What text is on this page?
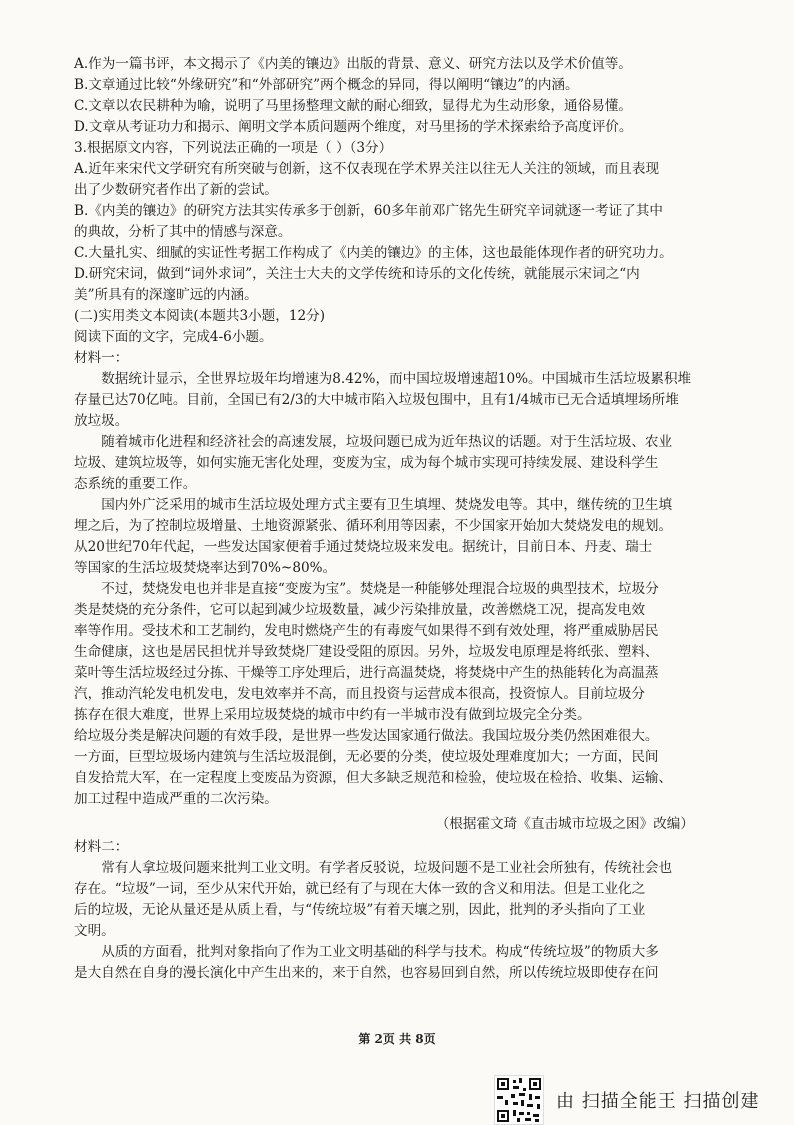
A.作为一篇书评，本文揭示了《内美的镶边》出版的背景、意义、研究方法以及学术价值等。
B.文章通过比较“外缘研究”和“外部研究”两个概念的异同，得以阐明“镶边”的内涵。
C.文章以农民耕种为喻，说明了马里扬整理文献的耐心细致，显得尤为生动形象，通俗易懂。
D.文章从考证功力和揭示、阐明文学本质问题两个维度，对马里扬的学术探索给予高度评价。
3.根据原文内容，下列说法正确的一项是（ ）（3分）
A.近年来宋代文学研究有所突破与创新，这不仅表现在学术界关注以往无人关注的领域，而且表现
出了少数研究者作出了新的尝试。
B.《内美的镶边》的研究方法其实传承多于创新，60多年前邓广铭先生研究辛词就逐一考证了其中
的典故，分析了其中的情感与深意。
C.大量扎实、细腻的实证性考据工作构成了《内美的镶边》的主体，这也最能体现作者的研究功力。
D.研究宋词，做到“词外求词”，关注士大夫的文学传统和诗乐的文化传统，就能展示宋词之“内
美”所具有的深邃旷远的内涵。
(二)实用类文本阅读(本题共3小题，12分)
阅读下面的文字，完成4-6小题。
材料一：
数据统计显示，全世界垃圾年均增速为8.42%，而中国垃圾增速超10%。中国城市生活垃圾累积堆
存量已达70亿吨。目前，全国已有2/3的大中城市陷入垃圾包围中，且有1/4城市已无合适填埋场所堆
放垃圾。
随着城市化进程和经济社会的高速发展，垃圾问题已成为近年热议的话题。对于生活垃圾、农业
垃圾、建筑垃圾等，如何实施无害化处理，变废为宝，成为每个城市实现可持续发展、建设科学生
态系统的重要工作。
国内外广泛采用的城市生活垃圾处理方式主要有卫生填埋、焚烧发电等。其中，继传统的卫生填
埋之后，为了控制垃圾增量、土地资源紧张、循环利用等因素，不少国家开始加大焚烧发电的规划。
从20世纪70年代起，一些发达国家便着手通过焚烧垃圾来发电。据统计，目前日本、丹麦、瑞士
等国家的生活垃圾焚烧率达到70%~80%。
不过，焚烧发电也并非是直接“变废为宝”。焚烧是一种能够处理混合垃圾的典型技术，垃圾分
类是焚烧的充分条件，它可以起到减少垃圾数量，减少污染排放量，改善燃烧工况，提高发电效
率等作用。受技术和工艺制约，发电时燃烧产生的有毒废气如果得不到有效处理，将严重威胁居民
生命健康，这也是居民担忧并导致焚烧厂建设受阻的原因。另外，垃圾发电原理是将纸张、塑料、
菜叶等生活垃圾经过分拣、干燥等工序处理后，进行高温焚烧，将焚烧中产生的热能转化为高温蒸
汽，推动汽轮发电机发电，发电效率并不高，而且投资与运营成本很高，投资惊人。目前垃圾分
拣存在很大难度，世界上采用垃圾焚烧的城市中约有一半城市没有做到垃圾完全分类。
给垃圾分类是解决问题的有效手段，是世界一些发达国家通行做法。我国垃圾分类仍然困难很大。
一方面，巨型垃圾场内建筑与生活垃圾混倒，无必要的分类，使垃圾处理难度加大；一方面，民间
自发拾荒大军，在一定程度上变废品为资源，但大多缺乏规范和检验，使垃圾在检拾、收集、运输、
加工过程中造成严重的二次污染。
（根据霍文琦《直击城市垃圾之困》改编）
材料二：
常有人拿垃圾问题来批判工业文明。有学者反驳说，垃圾问题不是工业社会所独有，传统社会也
存在。“垃圾”一词，至少从宋代开始，就已经有了与现在大体一致的含义和用法。但是工业化之
后的垃圾，无论从量还是从质上看，与“传统垃圾”有着天壤之别，因此，批判的矛头指向了工业
文明。
从质的方面看，批判对象指向了作为工业文明基础的科学与技术。构成“传统垃圾”的物质大多
是大自然在自身的漫长演化中产生出来的，来于自然，也容易回到自然，所以传统垃圾即使存在问
第 2页 共 8页
由 扫描全能王 扫描创建
